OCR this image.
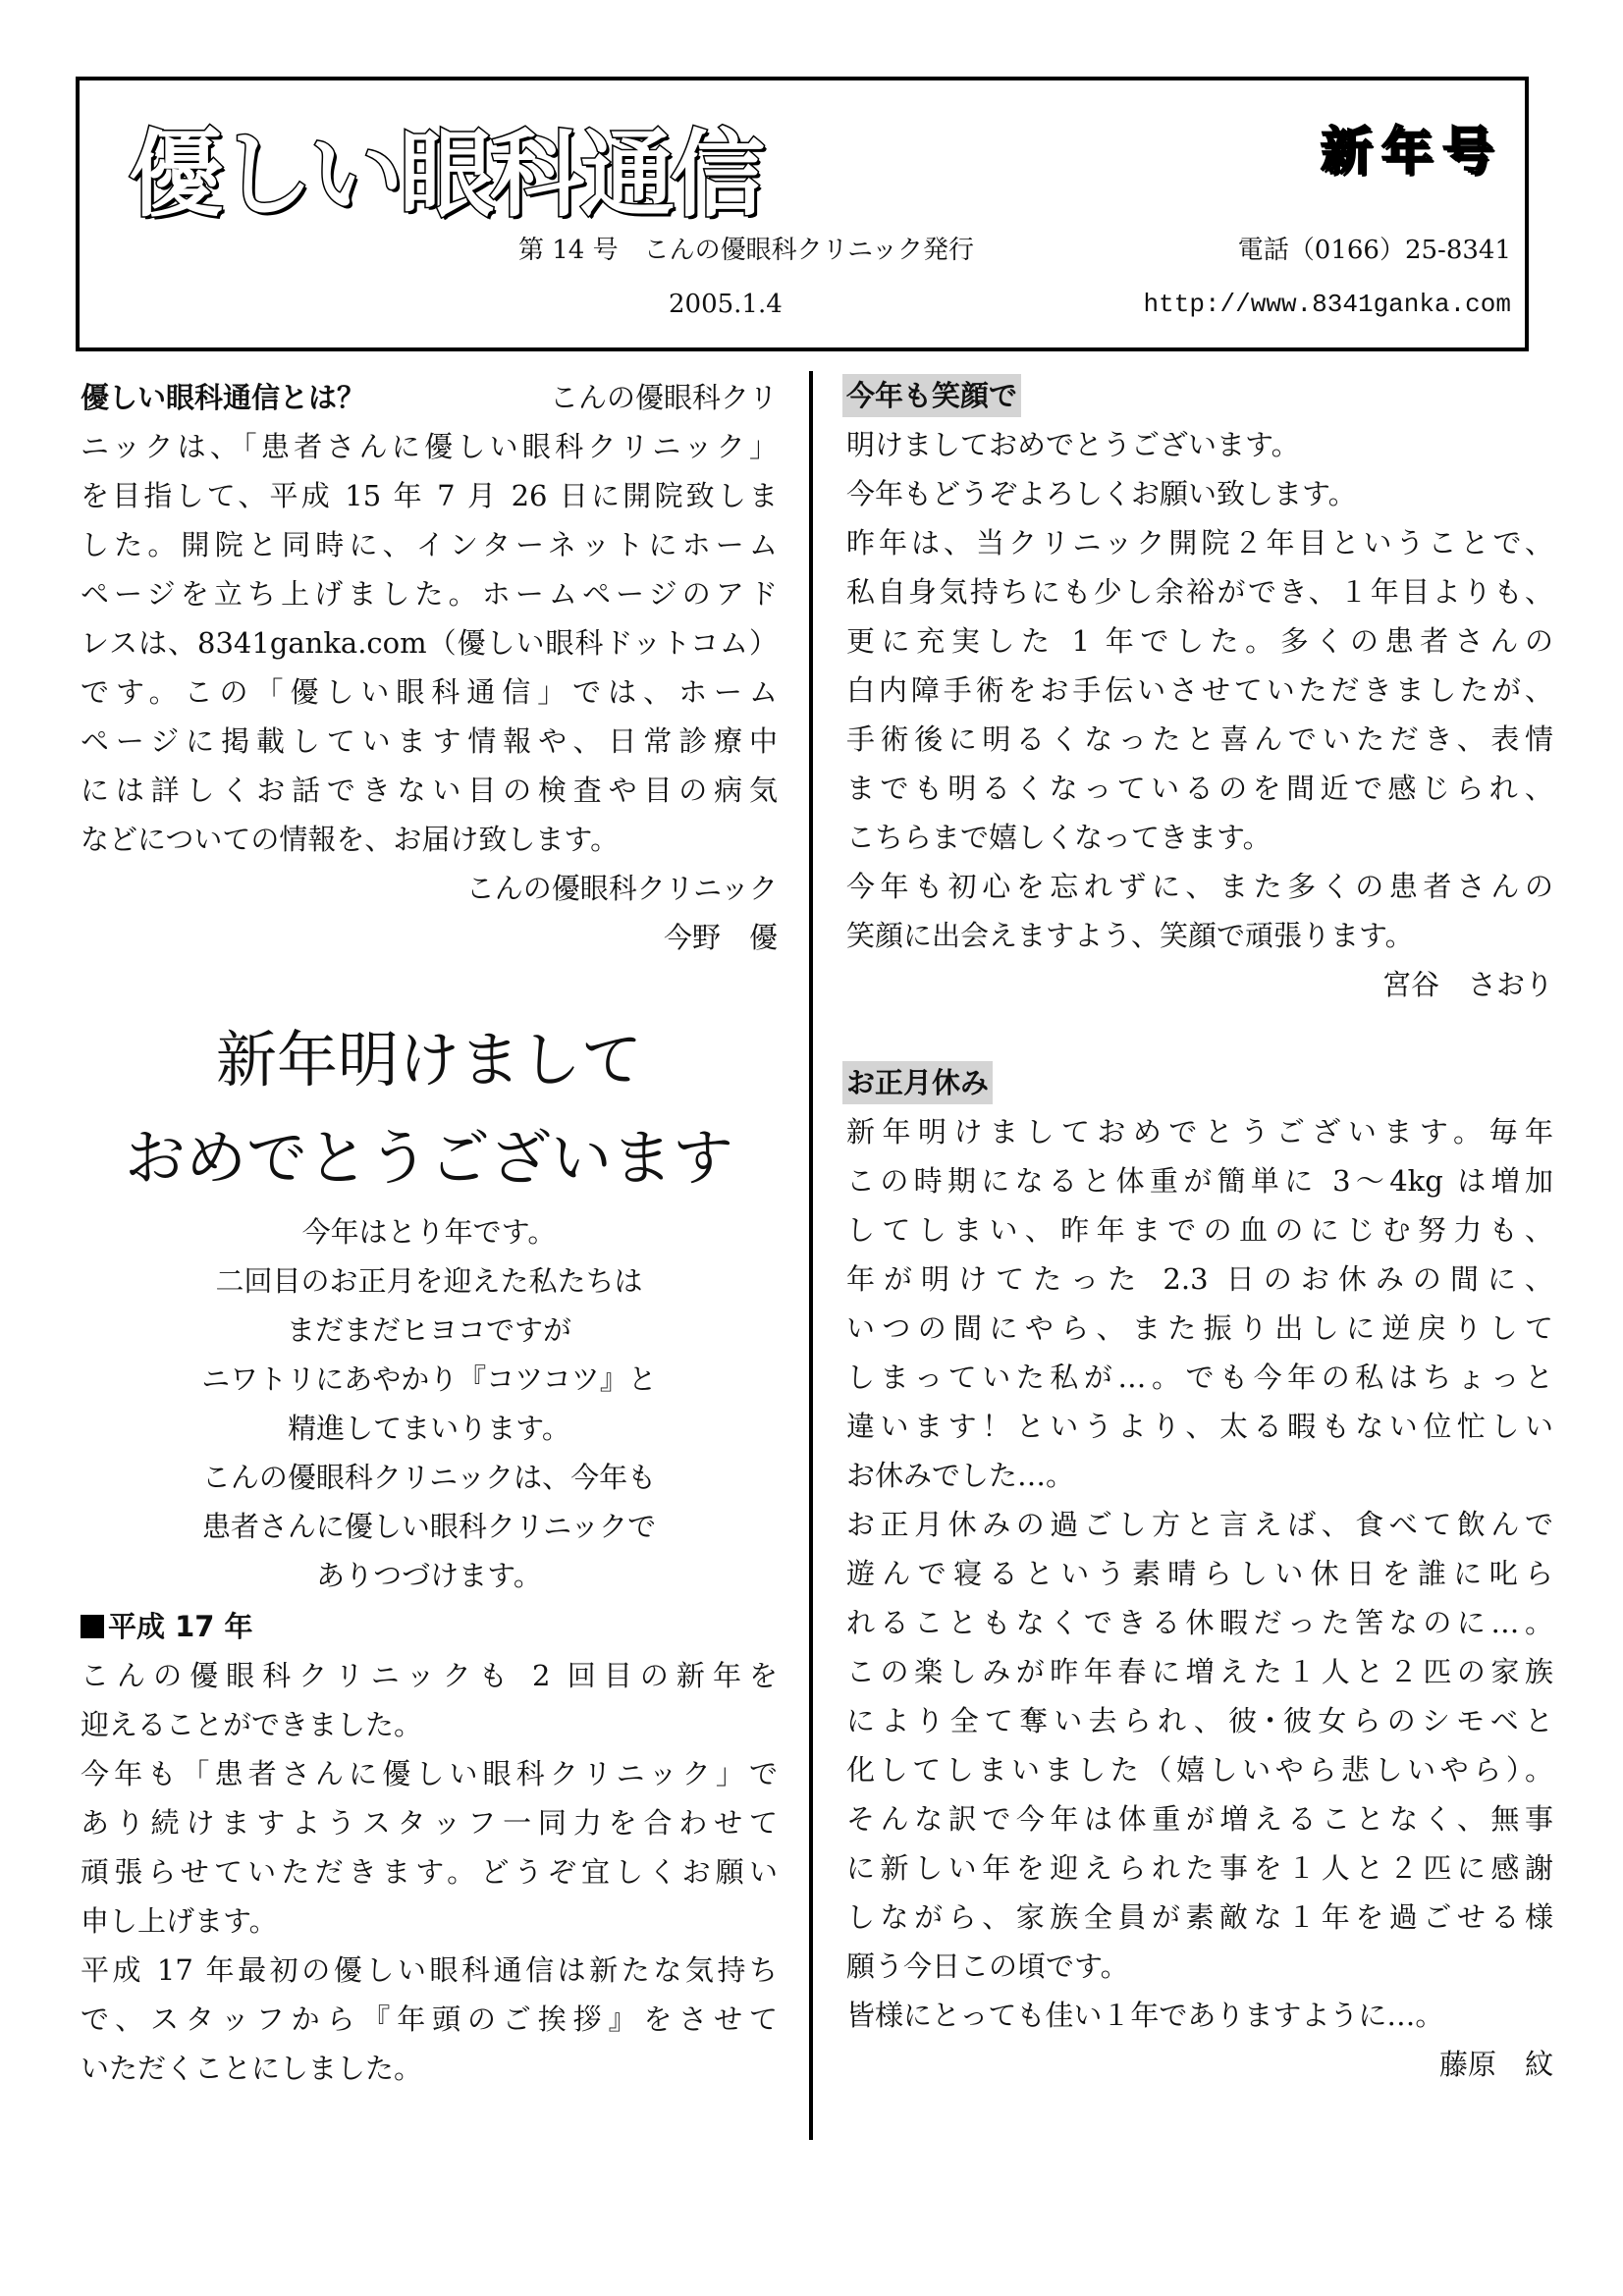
優しい眼科通信	新年号
第 14 号　こんの優眼科クリニック発行	電話（0166）25-8341
2005.1.4	http://www.8341ganka.com
優しい眼科通信とは？	こんの優眼科クリ
ニックは、「患者さんに優しい眼科クリニック」
を目指して、平成 15 年 7 月 26 日に開院致しま
した。開院と同時に、インターネットにホーム
ページを立ち上げました。ホームページのアド
レスは、8341ganka.com（優しい眼科ドットコム）
です。この「優しい眼科通信」では、ホーム
ページに掲載しています情報や、日常診療中
には詳しくお話できない目の検査や目の病気
などについての情報を、お届け致します。
こんの優眼科クリニック
今野　優
新年明けまして
おめでとうございます
今年はとり年です。
二回目のお正月を迎えた私たちは
まだまだヒヨコですが
ニワトリにあやかり『コツコツ』と
精進してまいります。
こんの優眼科クリニックは、今年も
患者さんに優しい眼科クリニックで
ありつづけます。
平成 17 年
こんの優眼科クリニックも 2 回目の新年を
迎えることができました。
今年も「患者さんに優しい眼科クリニック」で
あり続けますようスタッフ一同力を合わせて
頑張らせていただきます。どうぞ宜しくお願い
申し上げます。
平成 17 年最初の優しい眼科通信は新たな気持ち
で、スタッフから『年頭のご挨拶』をさせて
いただくことにしました。
今年も笑顔で
明けましておめでとうございます。
今年もどうぞよろしくお願い致します。
昨年は、当クリニック開院２年目ということで、
私自身気持ちにも少し余裕ができ、１年目よりも、
更に充実した 1 年でした。多くの患者さんの
白内障手術をお手伝いさせていただきましたが、
手術後に明るくなったと喜んでいただき、表情
までも明るくなっているのを間近で感じられ、
こちらまで嬉しくなってきます。
今年も初心を忘れずに、また多くの患者さんの
笑顔に出会えますよう、笑顔で頑張ります。
宮谷　さおり
お正月休み
新年明けましておめでとうございます。毎年
この時期になると体重が簡単に 3〜4kg は増加
してしまい、昨年までの血のにじむ努力も、
年が明けてたった 2.3 日のお休みの間に、
いつの間にやら、また振り出しに逆戻りして
しまっていた私が…。でも今年の私はちょっと
違います！というより、太る暇もない位忙しい
お休みでした…。
お正月休みの過ごし方と言えば、食べて飲んで
遊んで寝るという素晴らしい休日を誰に叱ら
れることもなくできる休暇だった筈なのに…。
この楽しみが昨年春に増えた１人と２匹の家族
により全て奪い去られ、彼･彼女らのシモベと
化してしまいました（嬉しいやら悲しいやら）。
そんな訳で今年は体重が増えることなく、無事
に新しい年を迎えられた事を１人と２匹に感謝
しながら、家族全員が素敵な１年を過ごせる様
願う今日この頃です。
皆様にとっても佳い１年でありますように…。
藤原　紋
